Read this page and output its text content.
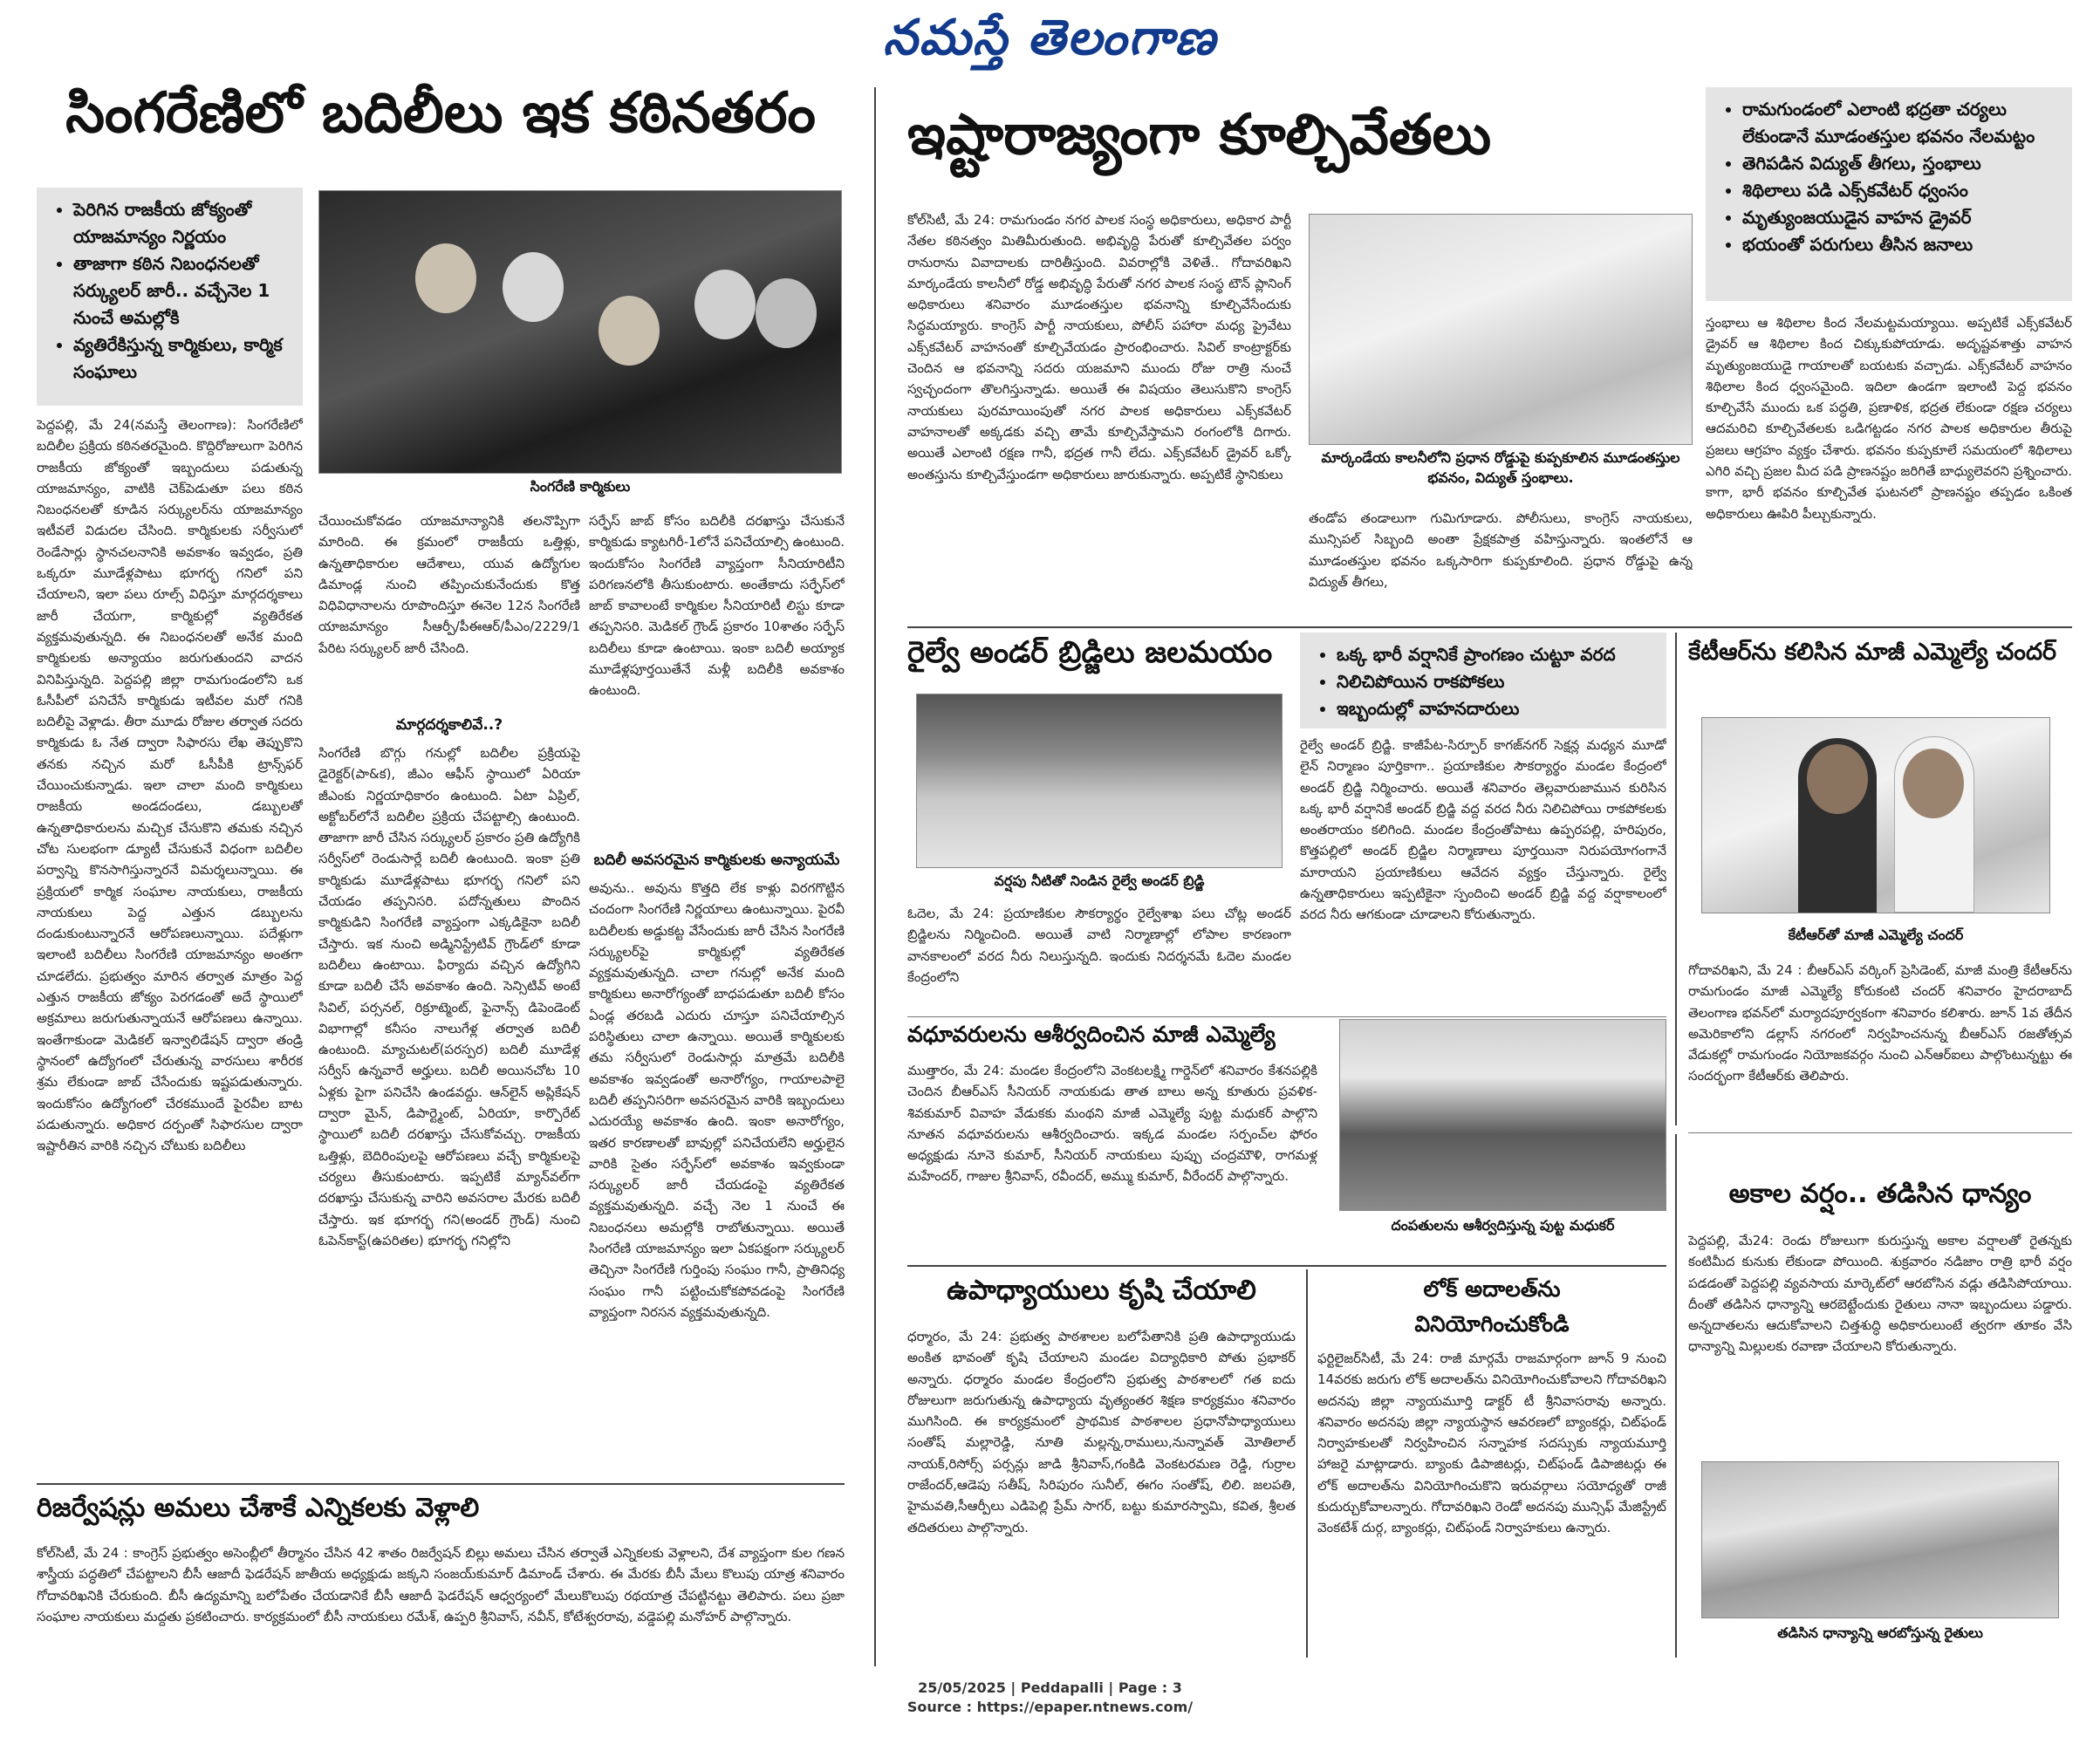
నమస్తే తెలంగాణ
సింగరేణిలో బదిలీలు ఇక కఠినతరం
• పెరిగిన రాజకీయ జోక్యంతో యాజమాన్యం నిర్ణయం
• తాజాగా కఠిన నిబంధనలతో సర్క్యులర్ జారీ.. వచ్చేనెల 1 నుంచే అమల్లోకి
• వ్యతిరేకిస్తున్న కార్మికులు, కార్మిక సంఘాలు
సింగరేణి కార్మికులు
పెద్దపల్లి, మే 24(నమస్తే తెలంగాణ): సింగరేణిలో బదిలీల ప్రక్రియ కఠినతరమైంది. కొద్దిరోజులుగా పెరిగిన రాజకీయ జోక్యంతో ఇబ్బందులు పడుతున్న యాజమాన్యం, వాటికి చెక్‌పెడుతూ పలు కఠిన నిబంధనలతో కూడిన సర్క్యులర్‌ను యాజమాన్యం ఇటీవలే విడుదల చేసింది. కార్మికులకు సర్వీసులో రెండేసార్లు స్థానచలనానికి అవకాశం ఇవ్వడం, ప్రతి ఒక్కరూ మూడేళ్లపాటు భూగర్భ గనిలో పని చేయాలని, ఇలా పలు రూల్స్ విధిస్తూ మార్గదర్శకాలు జారీ చేయగా, కార్మికుల్లో వ్యతిరేకత వ్యక్తమవుతున్నది. ఈ నిబంధనలతో అనేక మంది కార్మికులకు అన్యాయం జరుగుతుందని వాదన వినిపిస్తున్నది. పెద్దపల్లి జిల్లా రామగుండంలోని ఒక ఓసీపీలో పనిచేసే కార్మికుడు ఇటీవల మరో గనికి బదిలీపై వెళ్లాడు. తీరా మూడు రోజుల తర్వాత సదరు కార్మికుడు ఓ నేత ద్వారా సిఫారసు లేఖ తెప్పుకొని తనకు నచ్చిన మరో ఓసీపీకి ట్రాన్స్‌ఫర్ చేయించుకున్నాడు. ఇలా చాలా మంది కార్మికులు రాజకీయ అండదండలు, డబ్బులతో ఉన్నతాధికారులను మచ్చిక చేసుకొని తమకు నచ్చిన చోట సులభంగా డ్యూటీ చేసుకునే విధంగా బదిలీల పర్వాన్ని కొనసాగిస్తున్నారనే విమర్శలున్నాయి. ఈ ప్రక్రియలో కార్మిక సంఘాల నాయకులు, రాజకీయ నాయకులు పెద్ద ఎత్తున డబ్బులను దండుకుంటున్నారనే ఆరోపణలున్నాయి. పదేళ్లుగా ఇలాంటి బదిలీలు సింగరేణి యాజమాన్యం అంతగా చూడలేదు. ప్రభుత్వం మారిన తర్వాత మాత్రం పెద్ద ఎత్తున రాజకీయ జోక్యం పెరగడంతో అదే స్థాయిలో అక్రమాలు జరుగుతున్నాయనే ఆరోపణలు ఉన్నాయి. ఇంతేగాకుండా మెడికల్ ఇన్వాలిడేషన్ ద్వారా తండ్రి స్థానంలో ఉద్యోగంలో చేరుతున్న వారసులు శారీరక శ్రమ లేకుండా జాబ్ చేసేందుకు ఇష్టపడుతున్నారు. ఇందుకోసం ఉద్యోగంలో చేరకముందే పైరవీల బాట పడుతున్నారు. అధికార దర్పంతో సిఫారసుల ద్వారా ఇష్టారీతిన వారికి నచ్చిన చోటుకు బదిలీలు
చేయించుకోవడం యాజమాన్యానికి తలనొప్పిగా మారింది. ఈ క్రమంలో రాజకీయ ఒత్తిళ్లు, ఉన్నతాధికారుల ఆదేశాలు, యువ ఉద్యోగుల డిమాండ్ల నుంచి తప్పించుకునేందుకు కొత్త విధివిధానాలను రూపొందిస్తూ ఈనెల 12న సింగరేణి యాజమాన్యం సీఆర్పీ/పీఈఆర్/పీఎం/2229/1 పేరిట సర్క్యులర్ జారీ చేసింది.
మార్గదర్శకాలివే..?
సింగరేణి బొగ్గు గనుల్లో బదిలీల ప్రక్రియపై డైరెక్టర్(పా&క), జీఎం ఆఫీస్ స్థాయిలో ఏరియా జీఎంకు నిర్ణయాధికారం ఉంటుంది. ఏటా ఏప్రిల్, అక్టోబర్‌లోనే బదిలీల ప్రక్రియ చేపట్టాల్సి ఉంటుంది. తాజాగా జారీ చేసిన సర్క్యులర్ ప్రకారం ప్రతి ఉద్యోగికి సర్వీస్‌లో రెండుసార్లే బదిలీ ఉంటుంది. ఇంకా ప్రతి కార్మికుడు మూడేళ్లపాటు భూగర్భ గనిలో పని చేయడం తప్పనిసరి. పదోన్నతులు పొందిన కార్మికుడిని సింగరేణి వ్యాప్తంగా ఎక్కడికైనా బదిలీ చేస్తారు. ఇక నుంచి అడ్మినిస్ట్రేటివ్ గ్రౌండ్‌లో కూడా బదిలీలు ఉంటాయి. ఫిర్యాదు వచ్చిన ఉద్యోగిని కూడా బదిలీ చేసే అవకాశం ఉంది. సెన్సిటివ్ అంటే సివిల్, పర్సనల్, రిక్రూట్మెంట్, ఫైనాన్స్ డిపెండెంట్ విభాగాల్లో కనీసం నాలుగేళ్ల తర్వాత బదిలీ ఉంటుంది. మ్యాచుటల్(పరస్పర) బదిలీ మూడేళ్ల సర్వీస్ ఉన్నవారే అర్హులు. బదిలీ అయినచోట 10 ఏళ్లకు పైగా పనిచేసి ఉండవద్దు. ఆన్‌లైన్ అప్లికేషన్ ద్వారా మైన్, డిపార్ట్మెంట్, ఏరియా, కార్పొరేట్ స్థాయిలో బదిలీ దరఖాస్తు చేసుకోవచ్చు. రాజకీయ ఒత్తిళ్లు, బెదిరింపులపై ఆరోపణలు వచ్చే కార్మికులపై చర్యలు తీసుకుంటారు. ఇప్పటికే మ్యాన్‌వల్‌గా దరఖాస్తు చేసుకున్న వారిని అవసరాల మేరకు బదిలీ చేస్తారు. ఇక భూగర్భ గని(అండర్ గ్రౌండ్) నుంచి ఓపెన్‌కాస్ట్(ఉపరితల) భూగర్భ గనిల్లోని
సర్ఫేస్ జాబ్ కోసం బదిలీకి దరఖాస్తు చేసుకునే కార్మికుడు క్యాటగిరీ-1లోనే పనిచేయాల్సి ఉంటుంది. ఇందుకోసం సింగరేణి వ్యాప్తంగా సీనియారిటీని పరిగణనలోకి తీసుకుంటారు. అంతేకాదు సర్ఫేస్‌లో జాబ్ కావాలంటే కార్మికుల సీనియారిటీ లిస్టు కూడా తప్పనిసరి. మెడికల్ గ్రౌండ్ ప్రకారం 10శాతం సర్ఫేస్ బదిలీలు కూడా ఉంటాయి. ఇంకా బదిలీ అయ్యాక మూడేళ్లపూర్తయితేనే మళ్లీ బదిలీకి అవకాశం ఉంటుంది.
బదిలీ అవసరమైన కార్మికులకు అన్యాయమే
అవును.. అవును కొత్తది లేక కాళ్లు విరగగొట్టిన చందంగా సింగరేణి నిర్ణయాలు ఉంటున్నాయి. పైరవీ బదిలీలకు అడ్డుకట్ట వేసేందుకు జారీ చేసిన సింగరేణి సర్క్యులర్‌పై కార్మికుల్లో వ్యతిరేకత వ్యక్తమవుతున్నది. చాలా గనుల్లో అనేక మంది కార్మికులు అనారోగ్యంతో బాధపడుతూ బదిలీ కోసం ఏండ్ల తరబడి ఎదురు చూస్తూ పనిచేయాల్సిన పరిస్థితులు చాలా ఉన్నాయి. అయితే కార్మికులకు తమ సర్వీసులో రెండుసార్లు మాత్రమే బదిలీకి అవకాశం ఇవ్వడంతో అనారోగ్యం, గాయాలపాలై బదిలీ తప్పనిసరిగా అవసరమైన వారికి ఇబ్బందులు ఎదురయ్యే అవకాశం ఉంది. ఇంకా అనారోగ్యం, ఇతర కారణాలతో బావుల్లో పనిచేయలేని అర్హులైన వారికి సైతం సర్ఫేస్‌లో అవకాశం ఇవ్వకుండా సర్క్యులర్ జారీ చేయడంపై వ్యతిరేకత వ్యక్తమవుతున్నది. వచ్చే నెల 1 నుంచే ఈ నిబంధనలు అమల్లోకి రాబోతున్నాయి. అయితే సింగరేణి యాజమాన్యం ఇలా ఏకపక్షంగా సర్క్యులర్ తెచ్చినా సింగరేణి గుర్తింపు సంఘం గానీ, ప్రాతినిధ్య సంఘం గానీ పట్టించుకోకపోవడంపై సింగరేణి వ్యాప్తంగా నిరసన వ్యక్తమవుతున్నది.
రిజర్వేషన్లు అమలు చేశాకే ఎన్నికలకు వెళ్లాలి
కోల్‌సిటీ, మే 24 : కాంగ్రెస్ ప్రభుత్వం అసెంబ్లీలో తీర్మానం చేసిన 42 శాతం రిజర్వేషన్ బిల్లు అమలు చేసిన తర్వాతే ఎన్నికలకు వెళ్లాలని, దేశ వ్యాప్తంగా కుల గణన శాస్త్రీయ పద్ధతిలో చేపట్టాలని బీసీ ఆజాదీ ఫెడరేషన్ జాతీయ అధ్యక్షుడు జక్కని సంజయ్‌కుమార్ డిమాండ్ చేశారు. ఈ మేరకు బీసీ మేలు కొలుపు యాత్ర శనివారం గోదావరిఖనికి చేరుకుంది. బీసీ ఉద్యమాన్ని బలోపేతం చేయడానికే బీసీ ఆజాదీ ఫెడరేషన్ ఆధ్వర్యంలో మేలుకొలుపు రథయాత్ర చేపట్టినట్టు తెలిపారు. పలు ప్రజా సంఘాల నాయకులు మద్దతు ప్రకటించారు. కార్యక్రమంలో బీసీ నాయకులు రమేశ్, ఉప్పరి శ్రీనివాస్, నవీన్, కోటేశ్వరరావు, వడ్డెపల్లి మనోహర్ పాల్గొన్నారు.
ఇష్టారాజ్యంగా కూల్చివేతలు	• రామగుండంలో ఎలాంటి భద్రతా చర్యలు లేకుండానే మూడంతస్తుల భవనం నేలమట్టం
• తెగిపడిన విద్యుత్ తీగలు, స్తంభాలు
• శిథిలాలు పడి ఎక్స్‌కవేటర్ ధ్వంసం
• మృత్యుంజయుడైన వాహన డ్రైవర్
• భయంతో పరుగులు తీసిన జనాలు
కోల్‌సిటీ, మే 24: రామగుండం నగర పాలక సంస్థ అధికారులు, అధికార పార్టీ నేతల కఠినత్వం మితిమీరుతుంది. అభివృద్ధి పేరుతో కూల్చివేతల పర్వం రానురాను వివాదాలకు దారితీస్తుంది. వివరాల్లోకి వెళితే.. గోదావరిఖని మార్కండేయ కాలనీలో రోడ్డ అభివృద్ధి పేరుతో నగర పాలక సంస్థ టౌన్ ప్లానింగ్ అధికారులు శనివారం మూడంతస్తుల భవనాన్ని కూల్చివేసేందుకు సిద్ధమయ్యారు. కాంగ్రెస్ పార్టీ నాయకులు, పోలీస్ పహారా మధ్య ప్రైవేటు ఎక్స్‌కవేటర్ వాహనంతో కూల్చివేయడం ప్రారంభించారు. సివిల్ కాంట్రాక్టర్‌కు చెందిన ఆ భవనాన్ని సదరు యజమాని ముందు రోజు రాత్రి నుంచే స్వచ్ఛందంగా తొలగిస్తున్నాడు. అయితే ఈ విషయం తెలుసుకొని కాంగ్రెస్ నాయకులు పురమాయింపుతో నగర పాలక అధికారులు ఎక్స్‌కవేటర్ వాహనాలతో అక్కడకు వచ్చి తామే కూల్చివేస్తామని రంగంలోకి దిగారు. అయితే ఎలాంటి రక్షణ గానీ, భద్రత గానీ లేదు. ఎక్స్‌కవేటర్ డ్రైవర్ ఒక్కో అంతస్తును కూల్చివేస్తుండగా అధికారులు జారుకున్నారు. అప్పటికే స్థానికులు
మార్కండేయ కాలనీలోని ప్రధాన రోడ్డుపై కుప్పకూలిన మూడంతస్తుల భవనం, విద్యుత్ స్తంభాలు.
తండోప తండాలుగా గుమిగూడారు. పోలీసులు, కాంగ్రెస్ నాయకులు, మున్సిపల్ సిబ్బంది అంతా ప్రేక్షకపాత్ర వహిస్తున్నారు. ఇంతలోనే ఆ మూడంతస్తుల భవనం ఒక్కసారిగా కుప్పకూలింది. ప్రధాన రోడ్డుపై ఉన్న విద్యుత్ తీగలు,
స్తంభాలు ఆ శిథిలాల కింద నేలమట్టమయ్యాయి. అప్పటికే ఎక్స్‌కవేటర్ డ్రైవర్ ఆ శిథిలాల కింద చిక్కుకుపోయాడు. అదృష్టవశాత్తు వాహన మృత్యుంజయుడై గాయాలతో బయటకు వచ్చాడు. ఎక్స్‌కవేటర్ వాహనం శిథిలాల కింద ధ్వంసమైంది. ఇదిలా ఉండగా ఇలాంటి పెద్ద భవనం కూల్చివేసే ముందు ఒక పద్ధతి, ప్రణాళిక, భద్రత లేకుండా రక్షణ చర్యలు ఆదమరిచి కూల్చివేతలకు ఒడిగట్టడం నగర పాలక అధికారుల తీరుపై ప్రజలు ఆగ్రహం వ్యక్తం చేశారు. భవనం కుప్పకూలే సమయంలో శిథిలాలు ఎగిరి వచ్చి ప్రజల మీద పడి ప్రాణనష్టం జరిగితే బాధ్యులెవరని ప్రశ్నించారు. కాగా, భారీ భవనం కూల్చివేత ఘటనలో ప్రాణనష్టం తప్పడం ఒకింత అధికారులు ఊపిరి పీల్చుకున్నారు.
రైల్వే అండర్ బ్రిడ్జిలు జలమయం	• ఒక్క భారీ వర్షానికే ప్రాంగణం చుట్టూ వరద
• నిలిచిపోయిన రాకపోకలు
• ఇబ్బందుల్లో వాహనదారులు
వర్షపు నీటితో నిండిన రైల్వే అండర్ బ్రిడ్జి
ఓదెల, మే 24: ప్రయాణికుల సౌకర్యార్థం రైల్వేశాఖ పలు చోట్ల అండర్ బ్రిడ్జిలను నిర్మించింది. అయితే వాటి నిర్మాణాల్లో లోపాల కారణంగా వానకాలంలో వరద నీరు నిలుస్తున్నది. ఇందుకు నిదర్శనమే ఓదెల మండల కేంద్రంలోని
రైల్వే అండర్ బ్రిడ్జి. కాజీపేట-సిర్పూర్ కాగజ్‌నగర్ సెక్షన్ల మధ్యన మూడో లైన్ నిర్మాణం పూర్తికాగా.. ప్రయాణికుల సౌకర్యార్థం మండల కేంద్రంలో అండర్ బ్రిడ్జి నిర్మించారు. అయితే శనివారం తెల్లవారుజామున కురిసిన ఒక్క భారీ వర్షానికే అండర్ బ్రిడ్జి వద్ద వరద నీరు నిలిచిపోయి రాకపోకలకు అంతరాయం కలిగింది. మండల కేంద్రంతోపాటు ఉప్పరపల్లి, హరిపురం, కొత్తపల్లిలో అండర్ బ్రిడ్జిల నిర్మాణాలు పూర్తయినా నిరుపయోగంగానే మారాయని ప్రయాణికులు ఆవేదన వ్యక్తం చేస్తున్నారు. రైల్వే ఉన్నతాధికారులు ఇప్పటికైనా స్పందించి అండర్ బ్రిడ్జి వద్ద వర్షాకాలంలో వరద నీరు ఆగకుండా చూడాలని కోరుతున్నారు.
కేటీఆర్‌ను కలిసిన మాజీ ఎమ్మెల్యే చందర్
కేటీఆర్‌తో మాజీ ఎమ్మెల్యే చందర్
గోదావరిఖని, మే 24 : బీఆర్ఎస్ వర్కింగ్ ప్రెసిడెంట్, మాజీ మంత్రి కేటీఆర్‌ను రామగుండం మాజీ ఎమ్మెల్యే కోరుకంటి చందర్ శనివారం హైదరాబాద్ తెలంగాణ భవన్‌లో మర్యాదపూర్వకంగా శనివారం కలిశారు. జూన్ 1వ తేదీన అమెరికాలోని డల్లాస్ నగరంలో నిర్వహించనున్న బీఆర్ఎస్ రజతోత్సవ వేడుకల్లో రామగుండం నియోజకవర్గం నుంచి ఎన్‌ఆర్ఐలు పాల్గొంటున్నట్టు ఈ సందర్భంగా కేటీఆర్‌కు తెలిపారు.
వధూవరులను ఆశీర్వదించిన మాజీ ఎమ్మెల్యే
ముత్తారం, మే 24: మండల కేంద్రంలోని వెంకటలక్ష్మి గార్డెన్‌లో శనివారం కేశనపల్లికి చెందిన బీఆర్ఎస్ సీనియర్ నాయకుడు తాత బాలు అన్న కూతురు ప్రవళిక-శివకుమార్ వివాహ వేడుకకు మంథని మాజీ ఎమ్మెల్యే పుట్ట మధుకర్ పాల్గొని నూతన వధూవరులను ఆశీర్వదించారు. ఇక్కడ మండల సర్పంచ్‌ల ఫోరం అధ్యక్షుడు నూనె కుమార్, సీనియర్ నాయకులు పుప్పు చంద్రమౌళి, రాగమళ్ల మహేందర్, గాజుల శ్రీనివాస్, రవీందర్, అమ్ము కుమార్, వీరేందర్ పాల్గొన్నారు.
దంపతులను ఆశీర్వదిస్తున్న పుట్ట మధుకర్
ఉపాధ్యాయులు కృషి చేయాలి
ధర్మారం, మే 24: ప్రభుత్వ పాఠశాలల బలోపేతానికి ప్రతి ఉపాధ్యాయుడు అంకిత భావంతో కృషి చేయాలని మండల విద్యాధికారి పోతు ప్రభాకర్ అన్నారు. ధర్మారం మండల కేంద్రంలోని ప్రభుత్వ పాఠశాలలో గత ఐదు రోజులుగా జరుగుతున్న ఉపాధ్యాయ వృత్యంతర శిక్షణ కార్యక్రమం శనివారం ముగిసింది. ఈ కార్యక్రమంలో ప్రాథమిక పాఠశాలల ప్రధానోపాధ్యాయులు సంతోష్ మల్లారెడ్డి, నూతి మల్లన్న,రాములు,నున్నావత్ మోతిలాల్ నాయక్,రిసోర్స్ పర్సన్లు జాడి శ్రీనివాస్,గంకిడి వెంకటరమణ రెడ్డి, గుర్రాల రాజేందర్,ఆడెపు సతీష్, సిరిపురం సునీల్, ఈగం సంతోష్, లిలి. జలపతి, హైమవతి,సీఆర్పీలు ఎడిపెల్లి ప్రేమ్ సాగర్, బట్టు కుమారస్వామి, కవిత, శ్రీలత తదితరులు పాల్గొన్నారు.
లోక్ అదాలత్‌ను
వినియోగించుకోండి
ఫర్టిలైజర్‌సిటీ, మే 24: రాజీ మార్గమే రాజమార్గంగా జూన్ 9 నుంచి 14వరకు జరుగు లోక్ అదాలత్‌ను వినియోగించుకోవాలని గోదావరిఖని అదనపు జిల్లా న్యాయమూర్తి డాక్టర్ టీ శ్రీనివాసరావు అన్నారు. శనివారం అదనపు జిల్లా న్యాయస్థాన ఆవరణలో బ్యాంకర్లు, చిట్‌ఫండ్ నిర్వాహకులతో నిర్వహించిన సన్నాహక సదస్సుకు న్యాయమూర్తి హాజరై మాట్లాడారు. బ్యాంకు డిపాజిటర్లు, చిట్‌ఫండ్ డిపాజిటర్లు ఈ లోక్ అదాలత్‌ను వినియోగించుకొని ఇరువర్గాలు సయోధ్యతో రాజీ కుదుర్చుకోవాలన్నారు. గోదావరిఖని రెండో అదనపు మున్సిఫ్ మేజిస్ట్రేట్ వెంకటేశ్ దుర్గ, బ్యాంకర్లు, చిట్‌ఫండ్ నిర్వాహకులు ఉన్నారు.
అకాల వర్షం.. తడిసిన ధాన్యం
పెద్దపల్లి, మే24: రెండు రోజులుగా కురుస్తున్న అకాల వర్షాలతో రైతన్నకు కంటిమీద కునుకు లేకుండా పోయింది. శుక్రవారం నడిజాం రాత్రి భారీ వర్షం పడడంతో పెద్దపల్లి వ్యవసాయ మార్కెట్‌లో ఆరబోసిన వడ్లు తడిసిపోయాయి. దీంతో తడిసిన ధాన్యాన్ని ఆరబెట్టేందుకు రైతులు నానా ఇబ్బందులు పడ్డారు. అన్నదాతలను ఆదుకోవాలని చిత్తశుద్ధి అధికారులుంటే త్వరగా తూకం వేసి ధాన్యాన్ని మిల్లులకు రవాణా చేయాలని కోరుతున్నారు.
తడిసిన ధాన్యాన్ని ఆరబోస్తున్న రైతులు
25/05/2025 | Peddapalli | Page : 3
Source : https://epaper.ntnews.com/
